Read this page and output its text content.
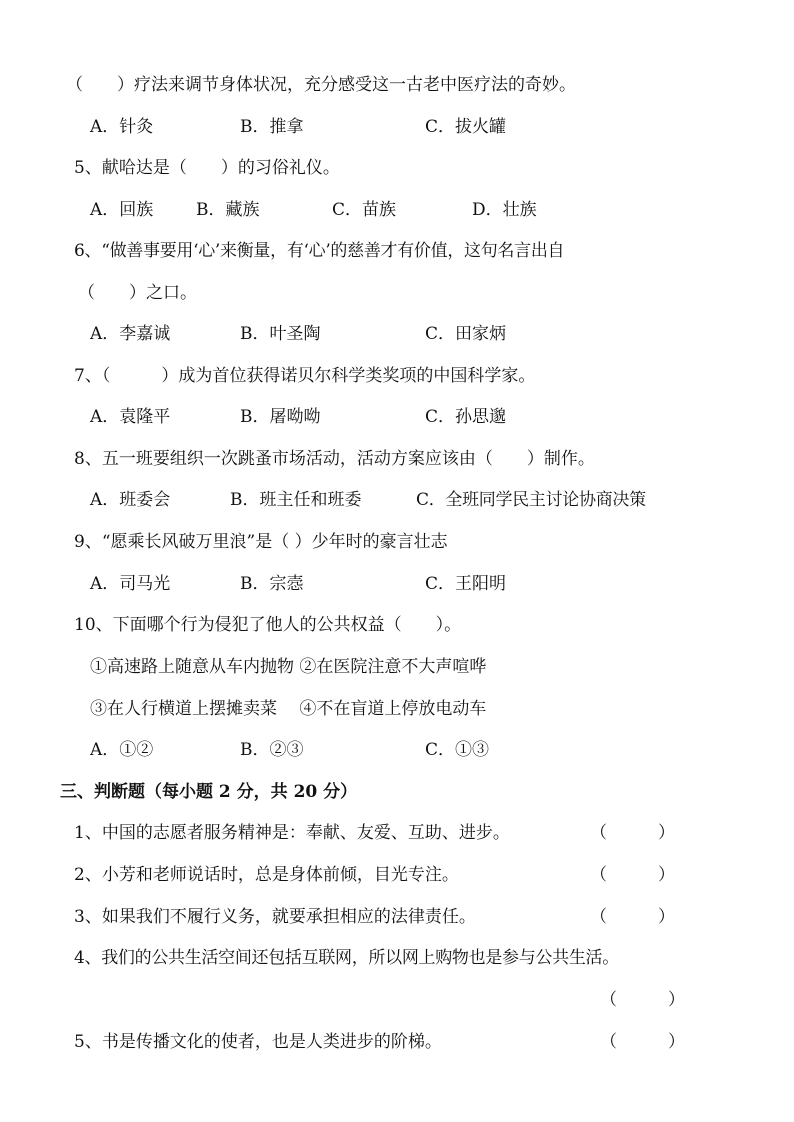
（　　）疗法来调节身体状况，充分感受这一古老中医疗法的奇妙。
A．针灸	B．推拿	C．拔火罐
5、献哈达是（　　）的习俗礼仪。
A．回族	B．藏族	C．苗族	D．壮族
6、“做善事要用‘心’来衡量，有‘心’的慈善才有价值，这句名言出自
（　　）之口。
A．李嘉诚	B．叶圣陶	C．田家炳
7、（　　　）成为首位获得诺贝尔科学类奖项的中国科学家。
A．袁隆平	B．屠呦呦	C．孙思邈
8、五一班要组织一次跳蚤市场活动，活动方案应该由（　　）制作。
A．班委会	B．班主任和班委	C．全班同学民主讨论协商决策
9、“愿乘长风破万里浪”是（ ）少年时的豪言壮志
A．司马光	B．宗悫	C．王阳明
10、下面哪个行为侵犯了他人的公共权益（　　）。
①高速路上随意从车内抛物 ②在医院注意不大声喧哗
③在人行横道上摆摊卖菜　 ④不在盲道上停放电动车
A．①②	B．②③	C．①③
三、判断题（每小题 2 分，共 20 分）
1、中国的志愿者服务精神是：奉献、友爱、互助、进步。	（　　　）
2、小芳和老师说话时，总是身体前倾，目光专注。	（　　　）
3、如果我们不履行义务，就要承担相应的法律责任。	（　　　）
4、我们的公共生活空间还包括互联网，所以网上购物也是参与公共生活。
（　　　）
5、书是传播文化的使者，也是人类进步的阶梯。	（　　　）
